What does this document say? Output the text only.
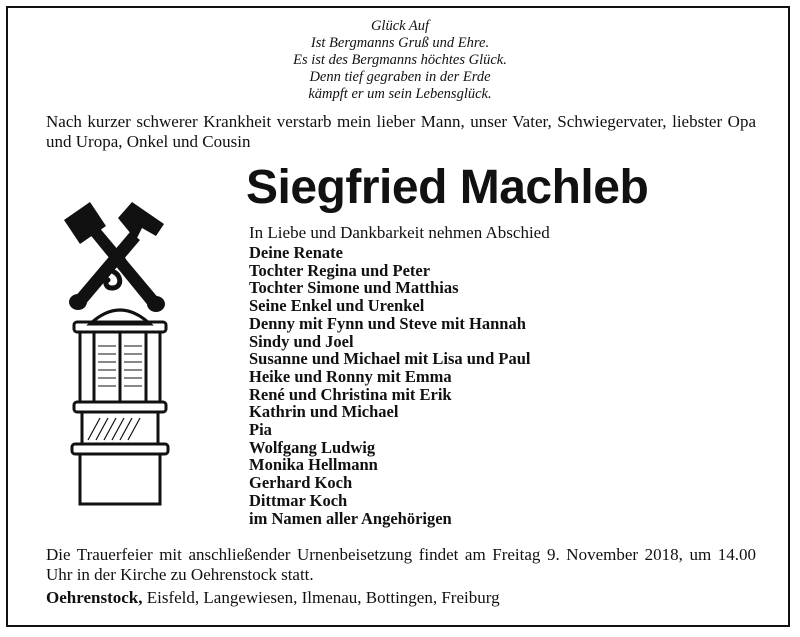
Glück Auf
Ist Bergmanns Gruß und Ehre.
Es ist des Bergmanns höchtes Glück.
Denn tief gegraben in der Erde
kämpft er um sein Lebensglück.
Nach kurzer schwerer Krankheit verstarb mein lieber Mann, unser Vater, Schwiegervater, liebster Opa und Uropa, Onkel und Cousin
Siegfried Machleb
In Liebe und Dankbarkeit nehmen Abschied
Deine Renate
Tochter Regina und Peter
Tochter Simone und Matthias
Seine Enkel und Urenkel
Denny mit Fynn und Steve mit Hannah
Sindy und Joel
Susanne und Michael mit Lisa und Paul
Heike und Ronny mit Emma
René und Christina mit Erik
Kathrin und Michael
Pia
Wolfgang Ludwig
Monika Hellmann
Gerhard Koch
Dittmar Koch
im Namen aller Angehörigen
Die Trauerfeier mit anschließender Urnenbeisetzung findet am Freitag 9. November 2018, um 14.00 Uhr in der Kirche zu Oehrenstock statt.
Oehrenstock, Eisfeld, Langewiesen, Ilmenau, Bottingen, Freiburg
